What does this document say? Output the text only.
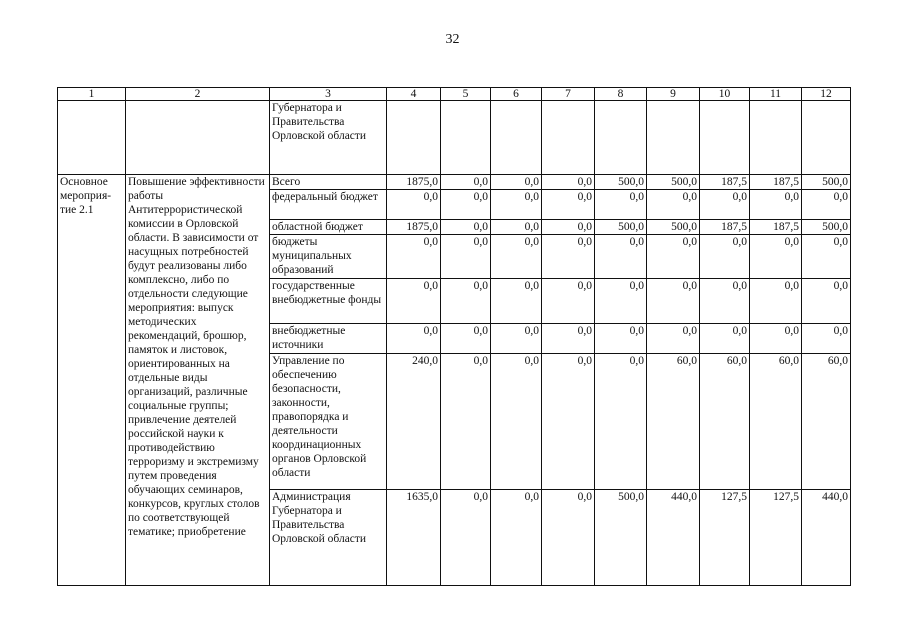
32
1	2	3	4	5	6	7	8	9	10	11	12
		Губернатора и Правительства Орловской области									
Основное мероприя-тие 2.1	Повышение эффективности работы Антитеррористической комиссии в Орловской области. В зависимости от насущных потребностей будут реализованы либо комплексно, либо по отдельности следующие мероприятия: выпуск методических рекомендаций, брошюр, памяток и листовок, ориентированных на отдельные виды организаций, различные социальные группы; привлечение деятелей российской науки к противодействию терроризму и экстремизму путем проведения обучающих семинаров, конкурсов, круглых столов по соответствующей тематике; приобретение	Всего	1875,0	0,0	0,0	0,0	500,0	500,0	187,5	187,5	500,0
		федеральный бюджет	0,0	0,0	0,0	0,0	0,0	0,0	0,0	0,0	0,0
		областной бюджет	1875,0	0,0	0,0	0,0	500,0	500,0	187,5	187,5	500,0
		бюджеты муниципальных образований	0,0	0,0	0,0	0,0	0,0	0,0	0,0	0,0	0,0
		государственные внебюджетные фонды	0,0	0,0	0,0	0,0	0,0	0,0	0,0	0,0	0,0
		внебюджетные источники	0,0	0,0	0,0	0,0	0,0	0,0	0,0	0,0	0,0
		Управление по обеспечению безопасности, законности, правопорядка и деятельности координационных органов Орловской области	240,0	0,0	0,0	0,0	0,0	60,0	60,0	60,0	60,0
		Администрация Губернатора и Правительства Орловской области	1635,0	0,0	0,0	0,0	500,0	440,0	127,5	127,5	440,0
